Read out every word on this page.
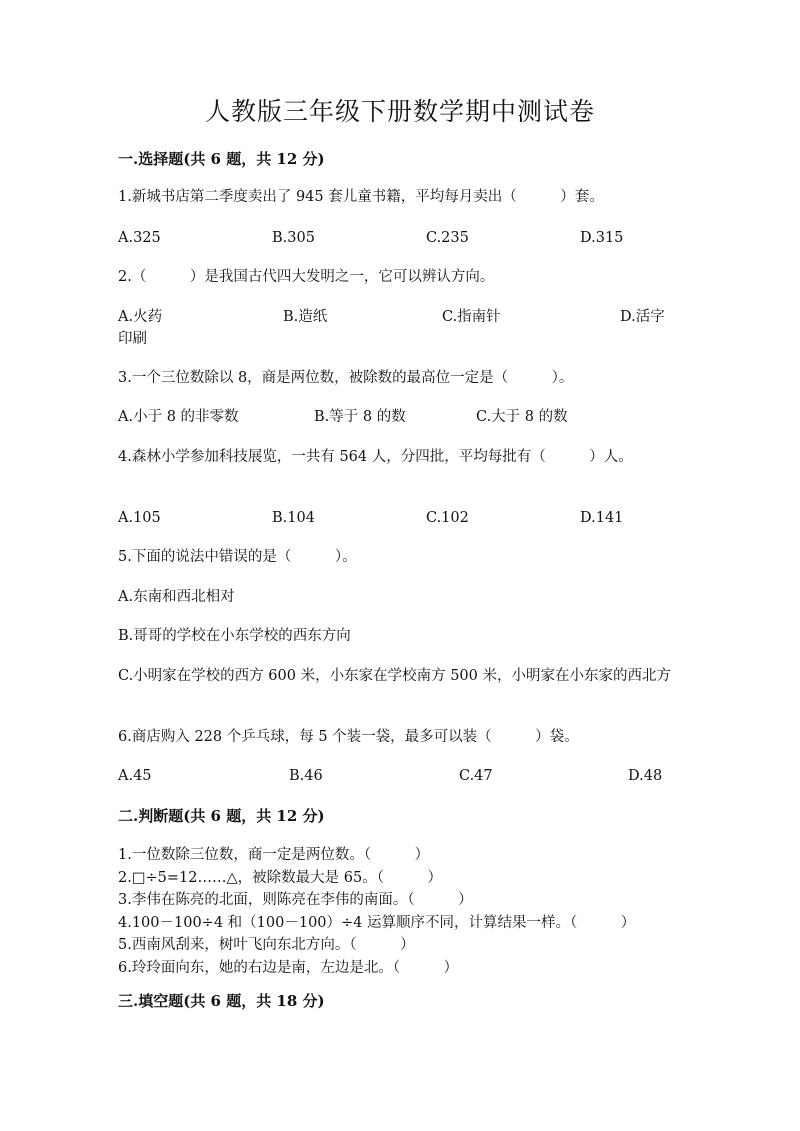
人教版三年级下册数学期中测试卷
一.选择题(共 6 题，共 12 分)
1.新城书店第二季度卖出了 945 套儿童书籍，平均每月卖出（　　　）套。
A.325	B.305	C.235	D.315
2.（　　　）是我国古代四大发明之一，它可以辨认方向。
A.火药	B.造纸	C.指南针	D.活字
印刷
3.一个三位数除以 8，商是两位数，被除数的最高位一定是（　　　）。
A.小于 8 的非零数	B.等于 8 的数	C.大于 8 的数
4.森林小学参加科技展览，一共有 564 人，分四批，平均每批有（　　　）人。
A.105	B.104	C.102	D.141
5.下面的说法中错误的是（　　　）。
A.东南和西北相对
B.哥哥的学校在小东学校的西东方向
C.小明家在学校的西方 600 米，小东家在学校南方 500 米，小明家在小东家的西北方
6.商店购入 228 个乒乓球，每 5 个装一袋，最多可以装（　　　）袋。
A.45	B.46	C.47	D.48
二.判断题(共 6 题，共 12 分)
1.一位数除三位数，商一定是两位数。（　　　）
2.□÷5=12……△，被除数最大是 65。（　　　）
3.李伟在陈亮的北面，则陈亮在李伟的南面。（　　　）
4.100－100÷4 和（100－100）÷4 运算顺序不同，计算结果一样。（　　　）
5.西南风刮来，树叶飞向东北方向。（　　　）
6.玲玲面向东，她的右边是南，左边是北。（　　　）
三.填空题(共 6 题，共 18 分)
